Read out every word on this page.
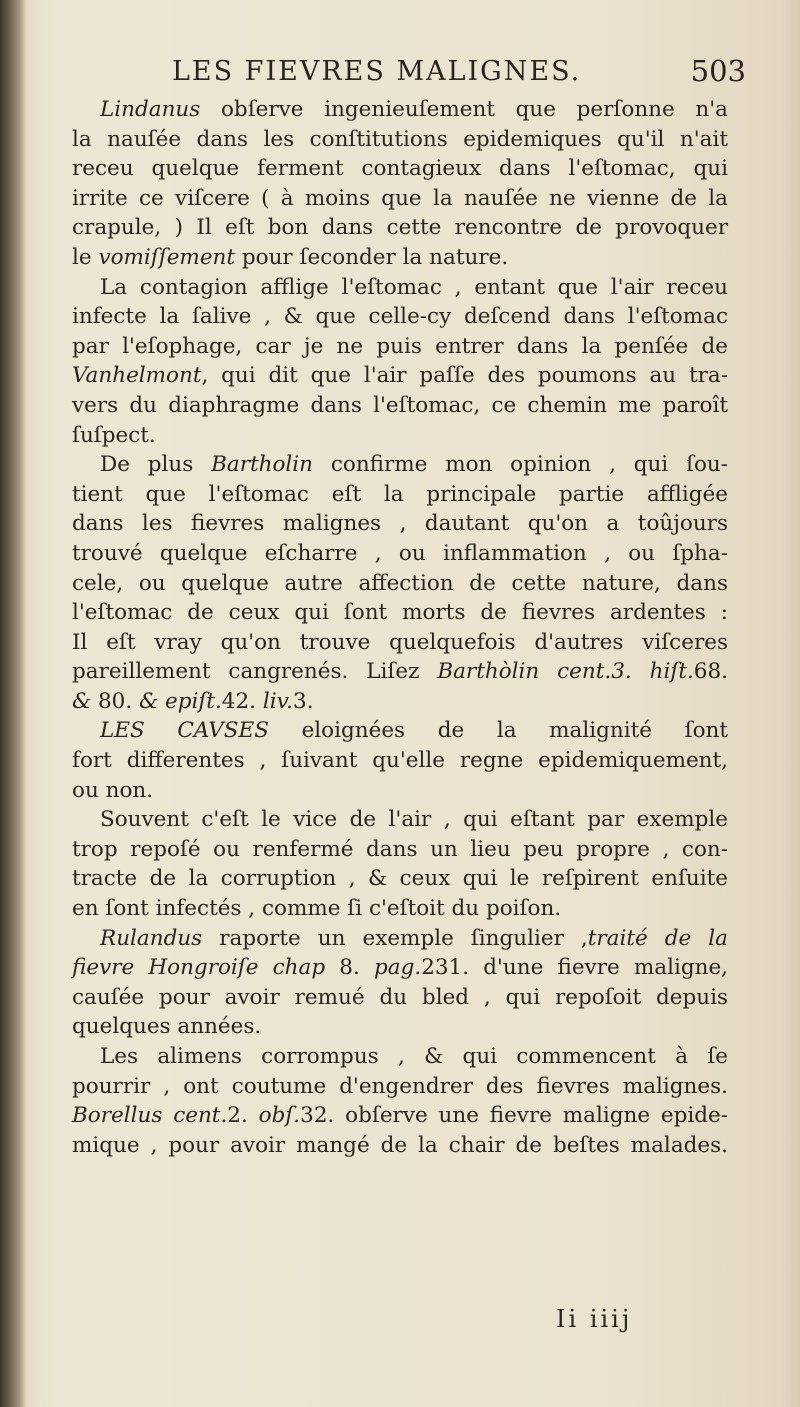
LES FIEVRES MALIGNES.	503
Lindanus obſerve ingenieuſement que perſonne n'a
la nauſée dans les conſtitutions epidemiques qu'il n'ait
receu quelque ferment contagieux dans l'eſtomac, qui
irrite ce viſcere ( à moins que la nauſée ne vienne de la
crapule, ) Il eſt bon dans cette rencontre de provoquer
le vomiſſement pour ſeconder la nature.
La contagion afflige l'eſtomac , entant que l'air receu
infecte la ſalive , & que celle-cy deſcend dans l'eſtomac
par l'eſophage, car je ne puis entrer dans la penſée de
Vanhelmont, qui dit que l'air paſſe des poumons au tra-
vers du diaphragme dans l'eſtomac, ce chemin me paroît
ſuſpect.
De plus Bartholin confirme mon opinion , qui ſou-
tient que l'eſtomac eſt la principale partie affligée
dans les fievres malignes , dautant qu'on a toûjours
trouvé quelque eſcharre , ou inflammation , ou ſpha-
cele, ou quelque autre affection de cette nature, dans
l'eſtomac de ceux qui ſont morts de fievres ardentes :
Il eſt vray qu'on trouve quelquefois d'autres viſceres
pareillement cangrenés. Liſez Barthòlin cent.3. hiſt.68.
& 80. & epiſt.42. liv.3.
LES CAVSES eloignées de la malignité ſont
fort differentes , ſuivant qu'elle regne epidemiquement,
ou non.
Souvent c'eſt le vice de l'air , qui eſtant par exemple
trop repoſé ou renfermé dans un lieu peu propre , con-
tracte de la corruption , & ceux qui le reſpirent enſuite
en ſont infectés , comme ſi c'eſtoit du poiſon.
Rulandus raporte un exemple ſingulier ,traité de la
fievre Hongroiſe chap 8. pag.231. d'une fievre maligne,
cauſée pour avoir remué du bled , qui repoſoit depuis
quelques années.
Les alimens corrompus , & qui commencent à ſe
pourrir , ont coutume d'engendrer des fievres malignes.
Borellus cent.2. obſ.32. obſerve une fievre maligne epide-
mique , pour avoir mangé de la chair de beſtes malades.
Ii iiij
